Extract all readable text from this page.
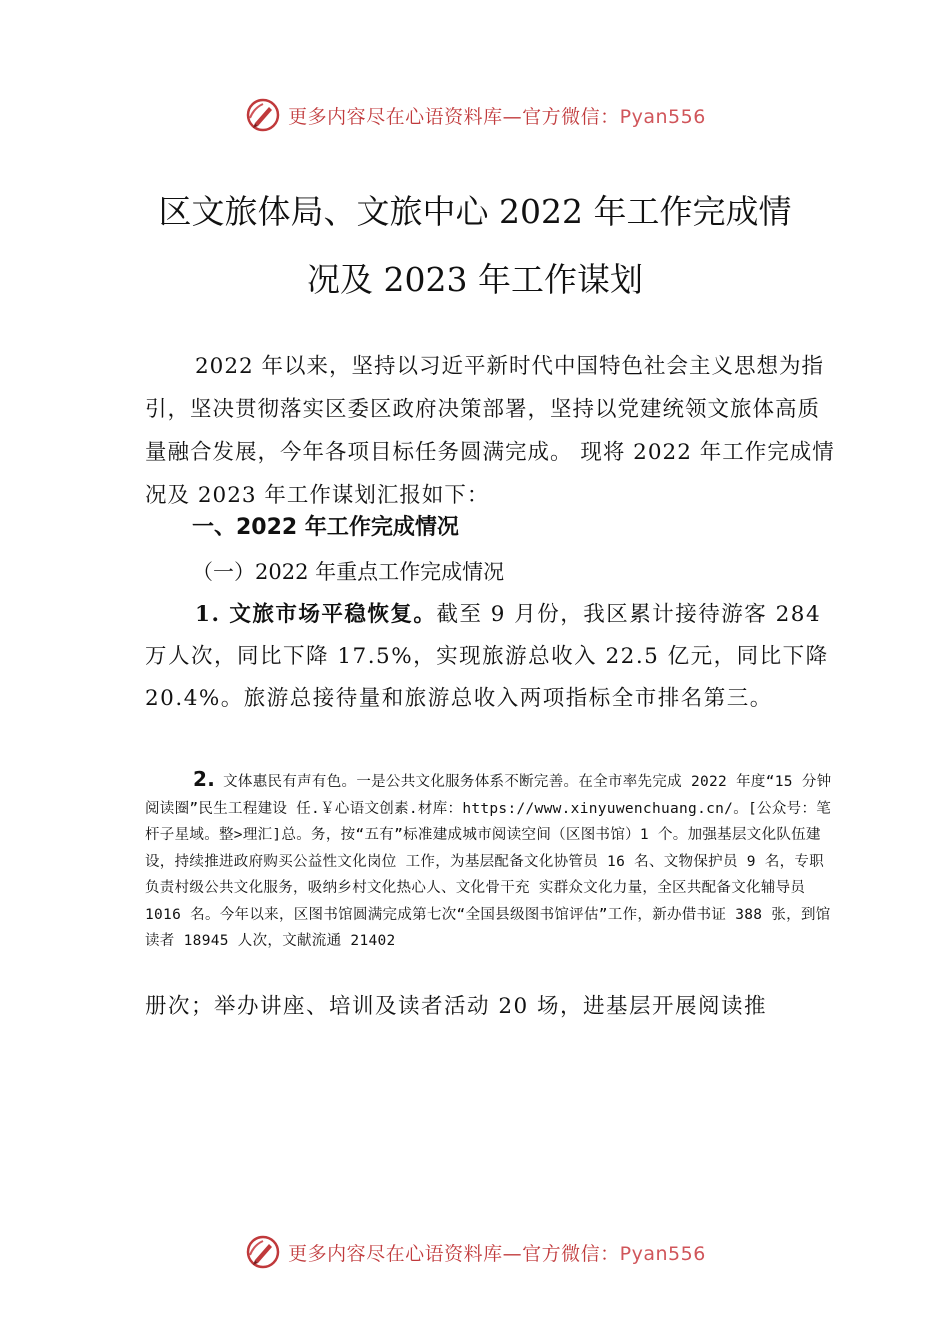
更多内容尽在心语资料库—官方微信：Pyan556
区文旅体局、文旅中心 2022 年工作完成情
况及 2023 年工作谋划

2022 年以来，坚持以习近平新时代中国特色社会主义思想为指引，坚决贯彻落实区委区政府决策部署，坚持以党建统领文旅体高质量融合发展，今年各项目标任务圆满完成。 现将 2022 年工作完成情况及 2023 年工作谋划汇报如下：

一、2022 年工作完成情况

（一）2022 年重点工作完成情况

1. 文旅市场平稳恢复。截至 9 月份，我区累计接待游客 284 万人次，同比下降 17.5%，实现旅游总收入 22.5 亿元，同比下降 20.4%。旅游总接待量和旅游总收入两项指标全市排名第三。

2. 文体惠民有声有色。一是公共文化服务体系不断完善。在全市率先完成 2022 年度“15 分钟阅读圈”民生工程建设 任.￥心语文创素.材库：https://www.xinyuwenchuang.cn/。[公众号：笔杆子星域。整>理汇]总。务，按“五有”标准建成城市阅读空间（区图书馆）1 个。加强基层文化队伍建设，持续推进政府购买公益性文化岗位 工作，为基层配备文化协管员 16 名、文物保护员 9 名，专职负责村级公共文化服务，吸纳乡村文化热心人、文化骨干充 实群众文化力量，全区共配备文化辅导员 1016 名。今年以来，区图书馆圆满完成第七次“全国县级图书馆评估”工作，新办借书证 388 张，到馆读者 18945 人次，文献流通 21402

册次；举办讲座、培训及读者活动 20 场，进基层开展阅读推

更多内容尽在心语资料库—官方微信：Pyan556
